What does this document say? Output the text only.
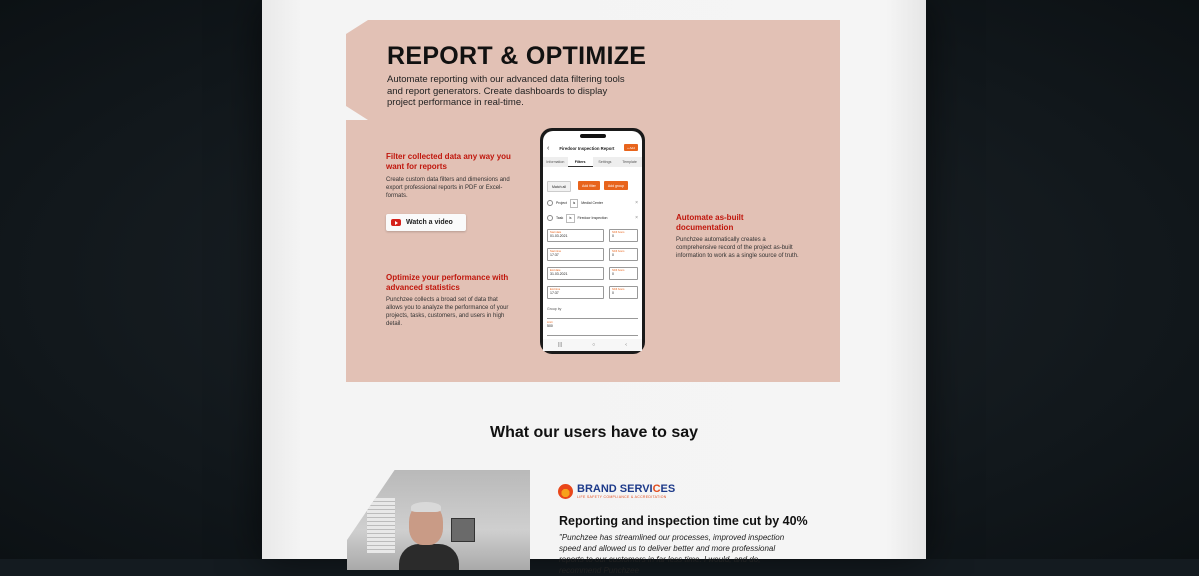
REPORT & OPTIMIZE
Automate reporting with our advanced data filtering tools and report generators. Create dashboards to display project performance in real-time.
Filter collected data any way you want for reports
Create custom data filters and dimensions and export professional reports in PDF or Excel-formats.
Watch a video
Optimize your performance with advanced statistics
Punchzee collects a broad set of data that allows you to analyze the performance of your projects, tasks, customers, and users in high detail.
Automate as-built documentation
Punchzee automatically creates a comprehensive record of the project as-built information to work as a single source of truth.
‹ Firedoor Inspection Report	+ Add
Information	Filters	Settings	Template
Match all	Add filter	Add group
Project	is	Medial Center	×
Task	is	Firedoor Inspection	×
Start date
01.03.2021
Shift hours
0
Start time
17:37
Shift hours
0
End date
31.03.2021
Shift hours
0
End time
17:37
Shift hours
0
Group by
Limit
500
|||	○	‹
What our users have to say
BRAND SERVICES
LIFE SAFETY COMPLIANCE & ACCREDITATION
Reporting and inspection time cut by 40%
"Punchzee has streamlined our processes, improved inspection speed and allowed us to deliver better and more professional reports to our customers in far less time. I would, and do, recommend Punchzee
